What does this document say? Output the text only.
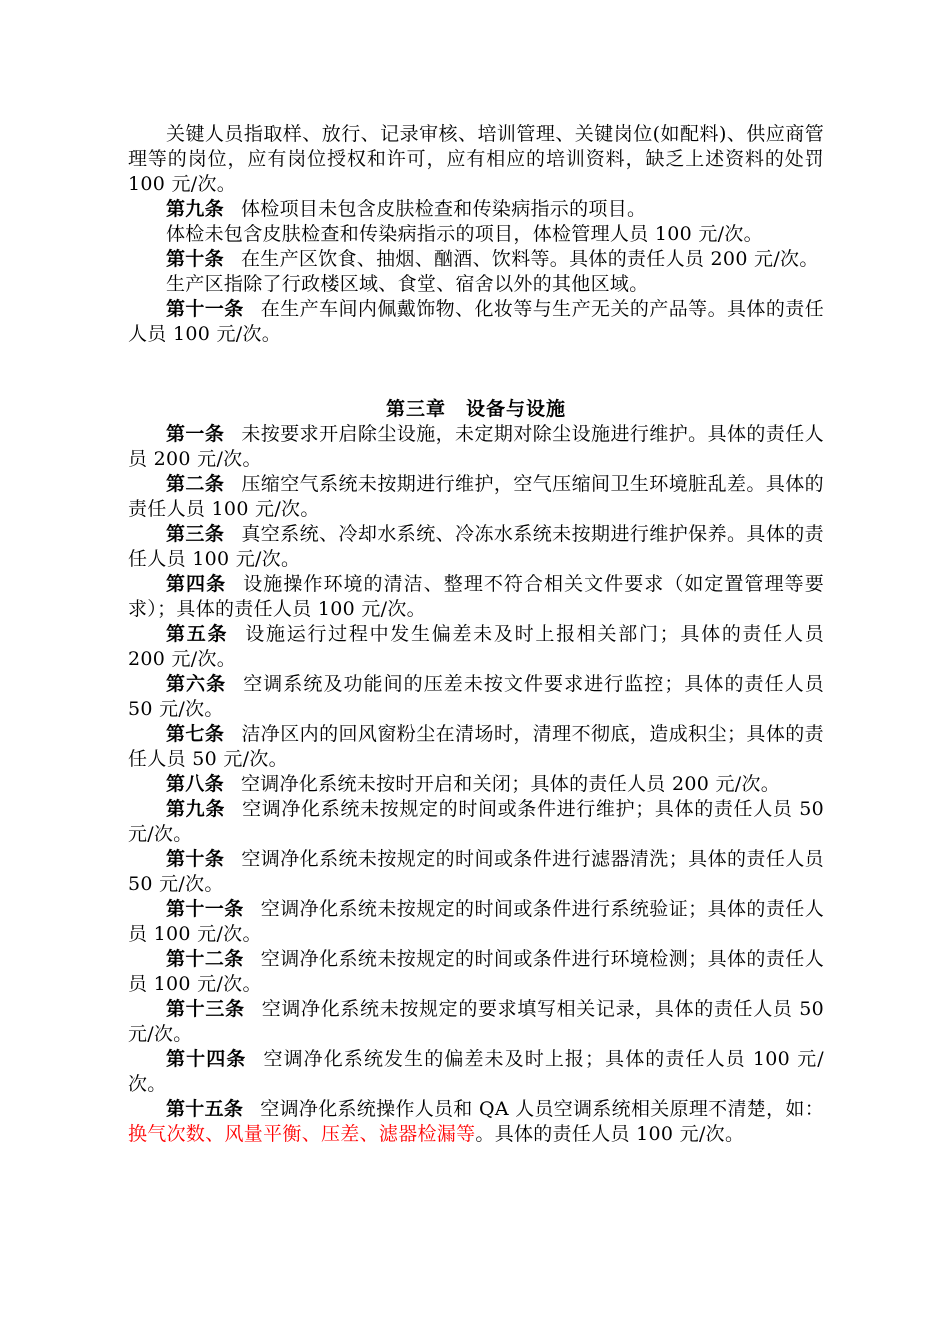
关键人员指取样、放行、记录审核、培训管理、关键岗位(如配料)、供应商管理等的岗位，应有岗位授权和许可，应有相应的培训资料，缺乏上述资料的处罚 100 元/次。

第九条 体检项目未包含皮肤检查和传染病指示的项目。

体检未包含皮肤检查和传染病指示的项目，体检管理人员 100 元/次。

第十条 在生产区饮食、抽烟、酗酒、饮料等。具体的责任人员 200 元/次。

生产区指除了行政楼区域、食堂、宿舍以外的其他区域。

第十一条 在生产车间内佩戴饰物、化妆等与生产无关的产品等。具体的责任人员 100 元/次。

第三章　设备与设施

第一条 未按要求开启除尘设施，未定期对除尘设施进行维护。具体的责任人员 200 元/次。

第二条 压缩空气系统未按期进行维护，空气压缩间卫生环境脏乱差。具体的责任人员 100 元/次。

第三条 真空系统、冷却水系统、冷冻水系统未按期进行维护保养。具体的责任人员 100 元/次。

第四条 设施操作环境的清洁、整理不符合相关文件要求（如定置管理等要求）；具体的责任人员 100 元/次。

第五条 设施运行过程中发生偏差未及时上报相关部门；具体的责任人员 200 元/次。

第六条 空调系统及功能间的压差未按文件要求进行监控；具体的责任人员 50 元/次。

第七条 洁净区内的回风窗粉尘在清场时，清理不彻底，造成积尘；具体的责任人员 50 元/次。

第八条 空调净化系统未按时开启和关闭；具体的责任人员 200 元/次。

第九条 空调净化系统未按规定的时间或条件进行维护；具体的责任人员 50 元/次。

第十条 空调净化系统未按规定的时间或条件进行滤器清洗；具体的责任人员 50 元/次。

第十一条 空调净化系统未按规定的时间或条件进行系统验证；具体的责任人员 100 元/次。

第十二条 空调净化系统未按规定的时间或条件进行环境检测；具体的责任人员 100 元/次。

第十三条 空调净化系统未按规定的要求填写相关记录，具体的责任人员 50 元/次。

第十四条 空调净化系统发生的偏差未及时上报；具体的责任人员 100 元/次。

第十五条 空调净化系统操作人员和 QA 人员空调系统相关原理不清楚，如：换气次数、风量平衡、压差、滤器检漏等。具体的责任人员 100 元/次。
